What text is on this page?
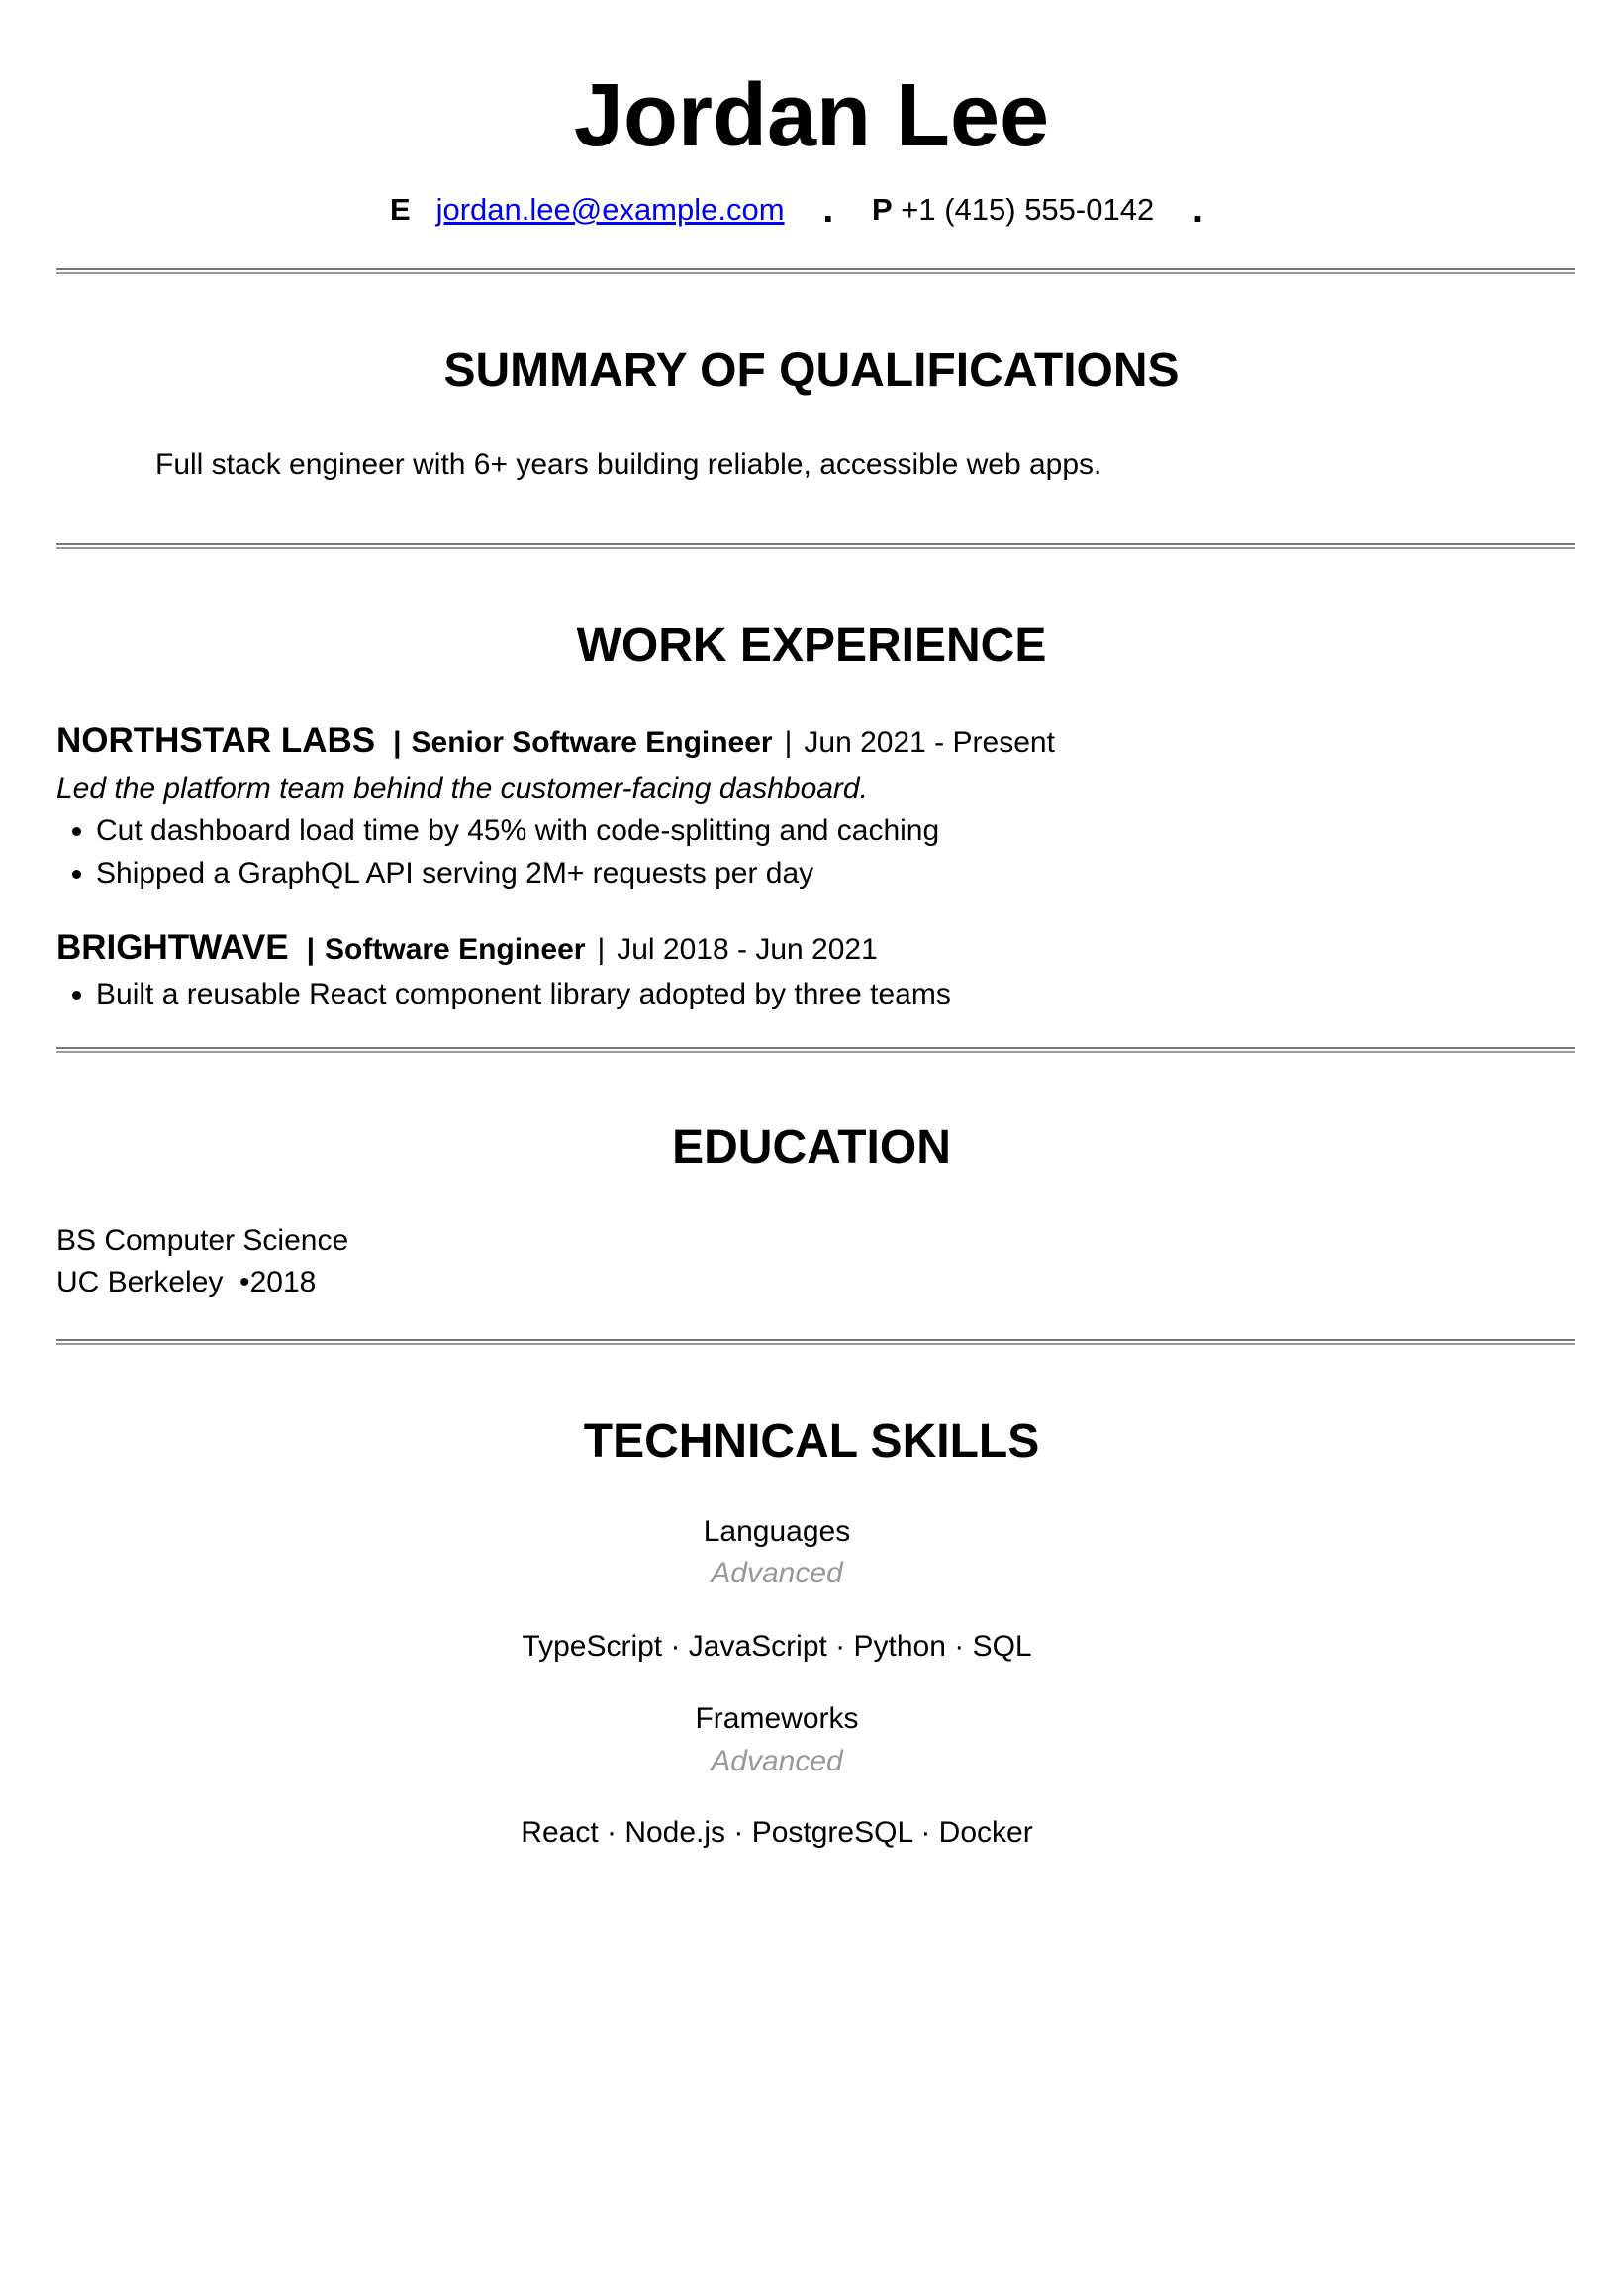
Jordan Lee
E jordan.lee@example.com . P +1 (415) 555-0142 .
SUMMARY OF QUALIFICATIONS
Full stack engineer with 6+ years building reliable, accessible web apps.
WORK EXPERIENCE
NORTHSTAR LABS | Senior Software Engineer | Jun 2021 - Present
Led the platform team behind the customer-facing dashboard.
• Cut dashboard load time by 45% with code-splitting and caching
• Shipped a GraphQL API serving 2M+ requests per day
BRIGHTWAVE | Software Engineer | Jul 2018 - Jun 2021
• Built a reusable React component library adopted by three teams
EDUCATION
BS Computer Science
UC Berkeley  •2018
TECHNICAL SKILLS
Languages
Advanced
TypeScript · JavaScript · Python · SQL
Frameworks
Advanced
React · Node.js · PostgreSQL · Docker
